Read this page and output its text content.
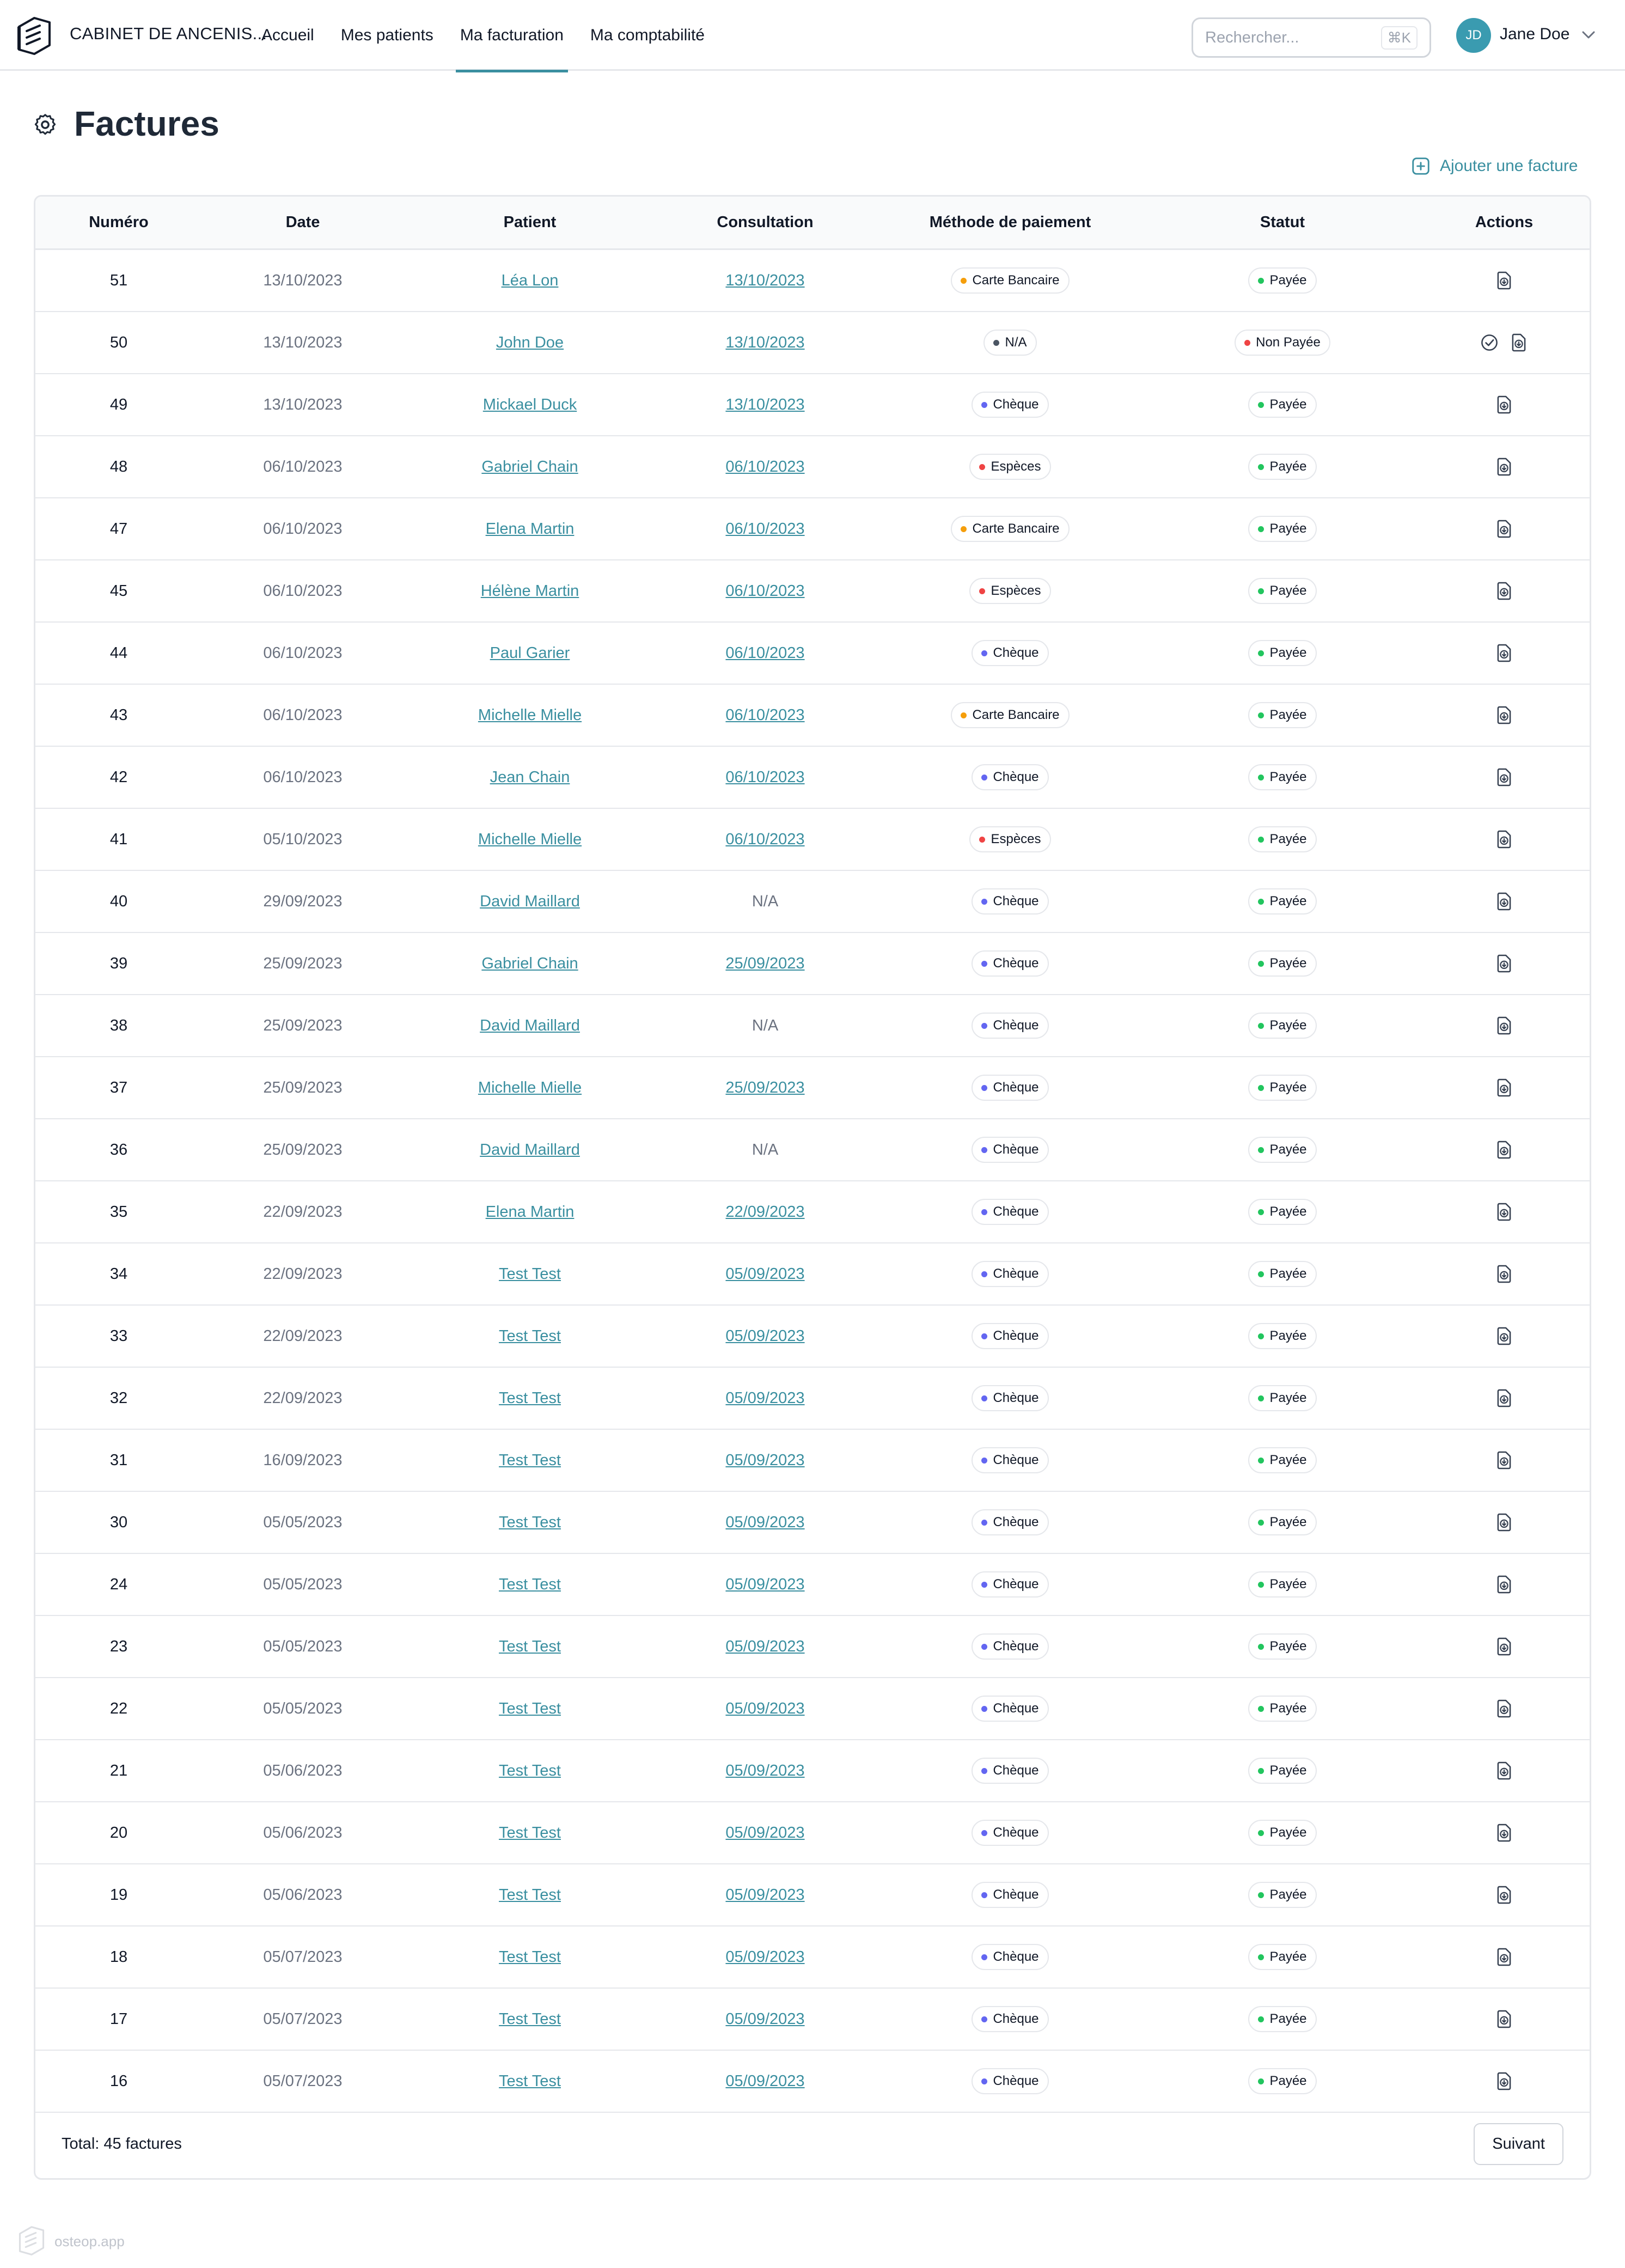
CABINET DE ANCENIS...
Accueil Mes patients Ma facturation Ma comptabilité
Rechercher...	⌘K	JD	Jane Doe
Factures
Ajouter une facture
Numéro	Date	Patient	Consultation	Méthode de paiement	Statut	Actions
51	13/10/2023	Léa Lon	13/10/2023	Carte Bancaire	Payée
50	13/10/2023	John Doe	13/10/2023	N/A	Non Payée
49	13/10/2023	Mickael Duck	13/10/2023	Chèque	Payée
48	06/10/2023	Gabriel Chain	06/10/2023	Espèces	Payée
47	06/10/2023	Elena Martin	06/10/2023	Carte Bancaire	Payée
45	06/10/2023	Hélène Martin	06/10/2023	Espèces	Payée
44	06/10/2023	Paul Garier	06/10/2023	Chèque	Payée
43	06/10/2023	Michelle Mielle	06/10/2023	Carte Bancaire	Payée
42	06/10/2023	Jean Chain	06/10/2023	Chèque	Payée
41	05/10/2023	Michelle Mielle	06/10/2023	Espèces	Payée
40	29/09/2023	David Maillard	N/A	Chèque	Payée
39	25/09/2023	Gabriel Chain	25/09/2023	Chèque	Payée
38	25/09/2023	David Maillard	N/A	Chèque	Payée
37	25/09/2023	Michelle Mielle	25/09/2023	Chèque	Payée
36	25/09/2023	David Maillard	N/A	Chèque	Payée
35	22/09/2023	Elena Martin	22/09/2023	Chèque	Payée
34	22/09/2023	Test Test	05/09/2023	Chèque	Payée
33	22/09/2023	Test Test	05/09/2023	Chèque	Payée
32	22/09/2023	Test Test	05/09/2023	Chèque	Payée
31	16/09/2023	Test Test	05/09/2023	Chèque	Payée
30	05/05/2023	Test Test	05/09/2023	Chèque	Payée
24	05/05/2023	Test Test	05/09/2023	Chèque	Payée
23	05/05/2023	Test Test	05/09/2023	Chèque	Payée
22	05/05/2023	Test Test	05/09/2023	Chèque	Payée
21	05/06/2023	Test Test	05/09/2023	Chèque	Payée
20	05/06/2023	Test Test	05/09/2023	Chèque	Payée
19	05/06/2023	Test Test	05/09/2023	Chèque	Payée
18	05/07/2023	Test Test	05/09/2023	Chèque	Payée
17	05/07/2023	Test Test	05/09/2023	Chèque	Payée
16	05/07/2023	Test Test	05/09/2023	Chèque	Payée
Total: 45 factures	Suivant
osteop.app
